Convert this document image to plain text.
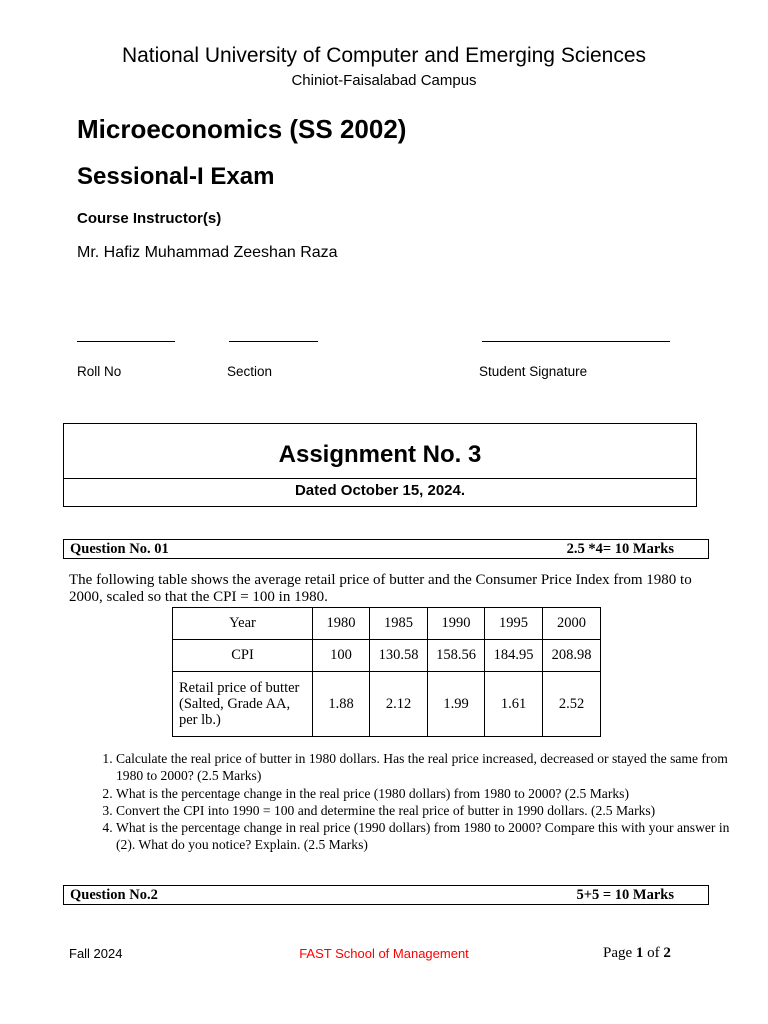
National University of Computer and Emerging Sciences
Chiniot-Faisalabad Campus
Microeconomics (SS 2002)
Sessional-I Exam
Course Instructor(s)
Mr. Hafiz Muhammad Zeeshan Raza
Roll No	Section	Student Signature
Assignment No. 3
Dated October 15, 2024.
Question No. 01	2.5 *4= 10 Marks
The following table shows the average retail price of butter and the Consumer Price Index from 1980 to 2000, scaled so that the CPI = 100 in 1980.
Year	1980	1985	1990	1995	2000
CPI	100	130.58	158.56	184.95	208.98
Retail price of butter (Salted, Grade AA, per lb.)	1.88	2.12	1.99	1.61	2.52
1. Calculate the real price of butter in 1980 dollars. Has the real price increased, decreased or stayed the same from 1980 to 2000? (2.5 Marks)
2. What is the percentage change in the real price (1980 dollars) from 1980 to 2000? (2.5 Marks)
3. Convert the CPI into 1990 = 100 and determine the real price of butter in 1990 dollars. (2.5 Marks)
4. What is the percentage change in real price (1990 dollars) from 1980 to 2000? Compare this with your answer in (2). What do you notice? Explain. (2.5 Marks)
Question No.2	5+5 = 10 Marks
Fall 2024	FAST School of Management	Page 1 of 2
